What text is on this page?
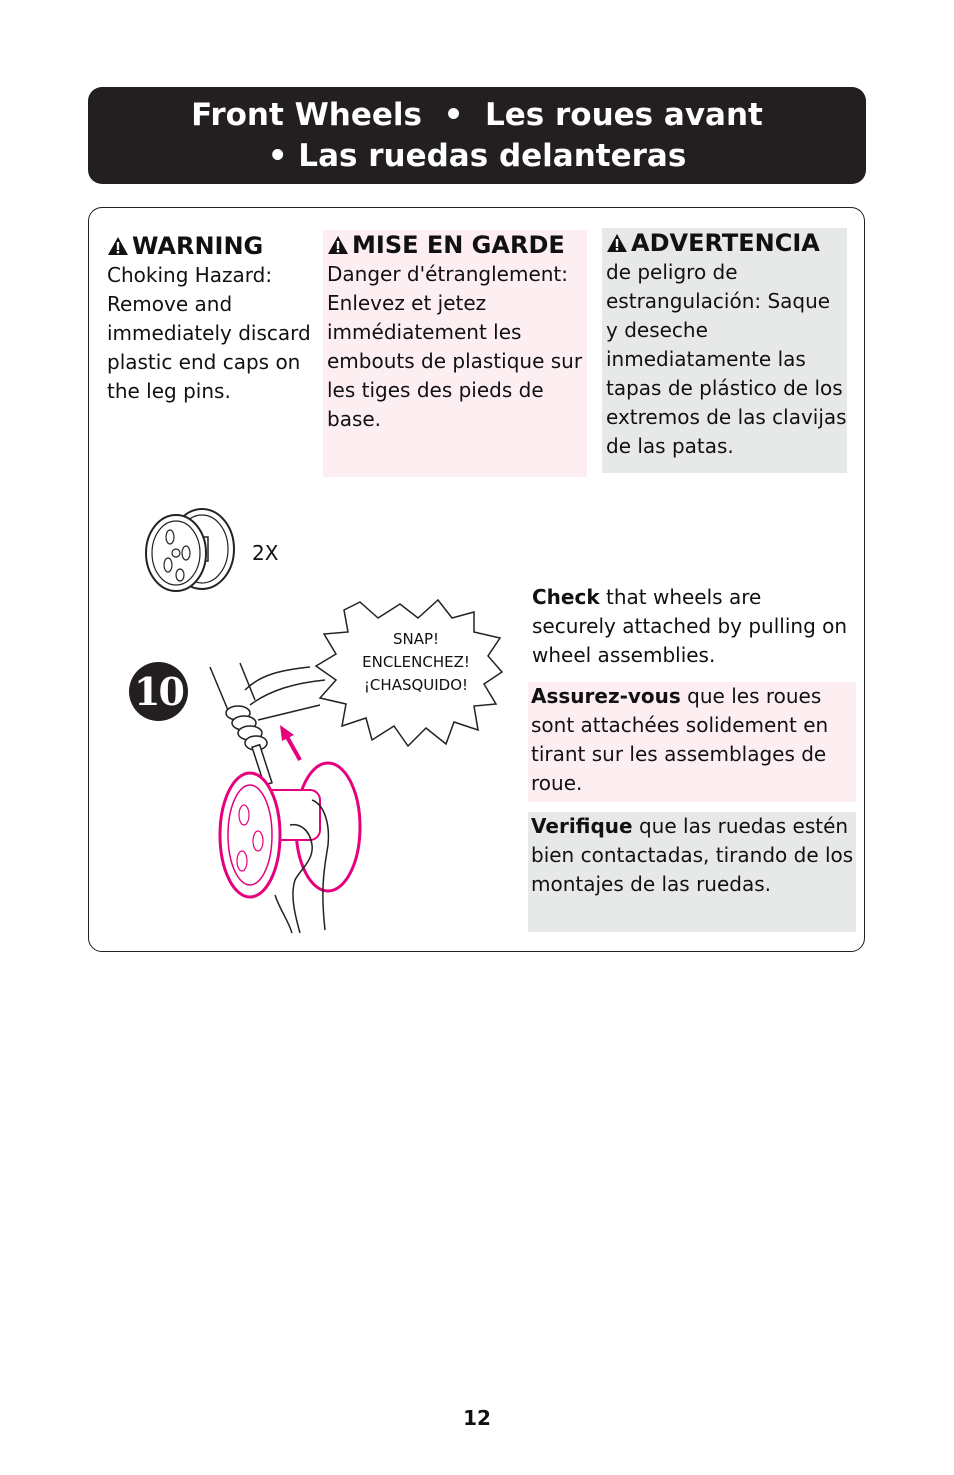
Front Wheels  •  Les roues avant
• Las ruedas delanteras
WARNING
Choking Hazard: Remove and immediately discard plastic end caps on the leg pins.
MISE EN GARDE
Danger d'étranglement: Enlevez et jetez immédiatement les embouts de plastique sur les tiges des pieds de base.
ADVERTENCIA
de peligro de estrangulación: Saque y deseche inmediatamente las tapas de plástico de los extremos de las clavijas de las patas.
2X
10
SNAP!
ENCLENCHEZ!
¡CHASQUIDO!
Check that wheels are securely attached by pulling on wheel assemblies.
Assurez-vous que les roues sont attachées solidement en tirant sur les assemblages de roue.
Verifique que las ruedas estén bien contactadas, tirando de los montajes de las ruedas.
12
